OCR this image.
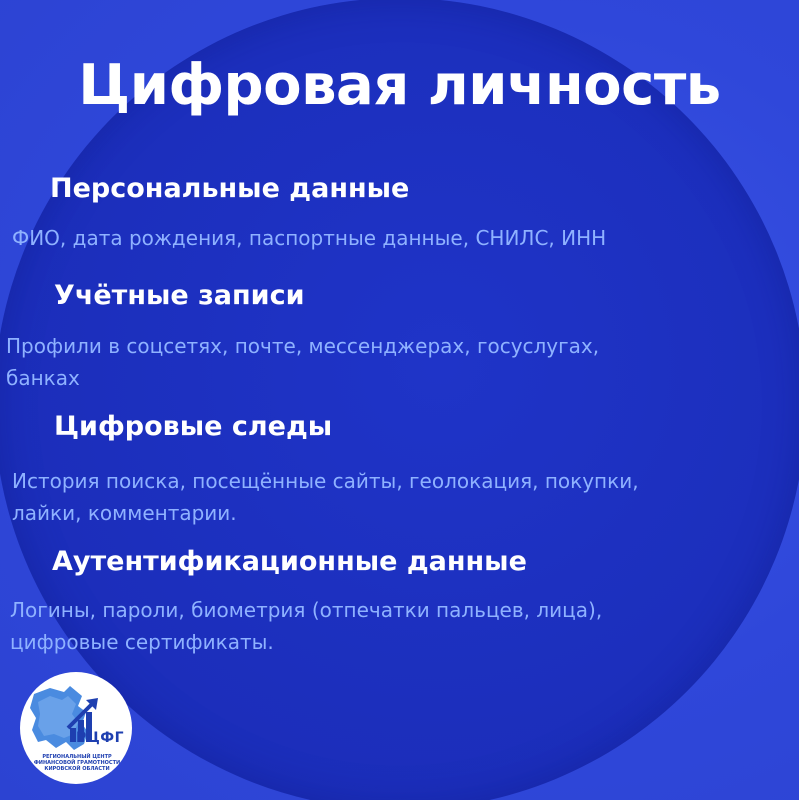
Цифровая личность
Персональные данные
ФИО, дата рождения, паспортные данные, СНИЛС, ИНН
Учётные записи
Профили в соцсетях, почте, мессенджерах, госуслугах,
банках
Цифровые следы
История поиска, посещённые сайты, геолокация, покупки,
лайки, комментарии.
Аутентификационные данные
Логины, пароли, биометрия (отпечатки пальцев, лица),
цифровые сертификаты.
РЦФГ
РЕГИОНАЛЬНЫЙ ЦЕНТР
ФИНАНСОВОЙ ГРАМОТНОСТИ
КИРОВСКОЙ ОБЛАСТИ
